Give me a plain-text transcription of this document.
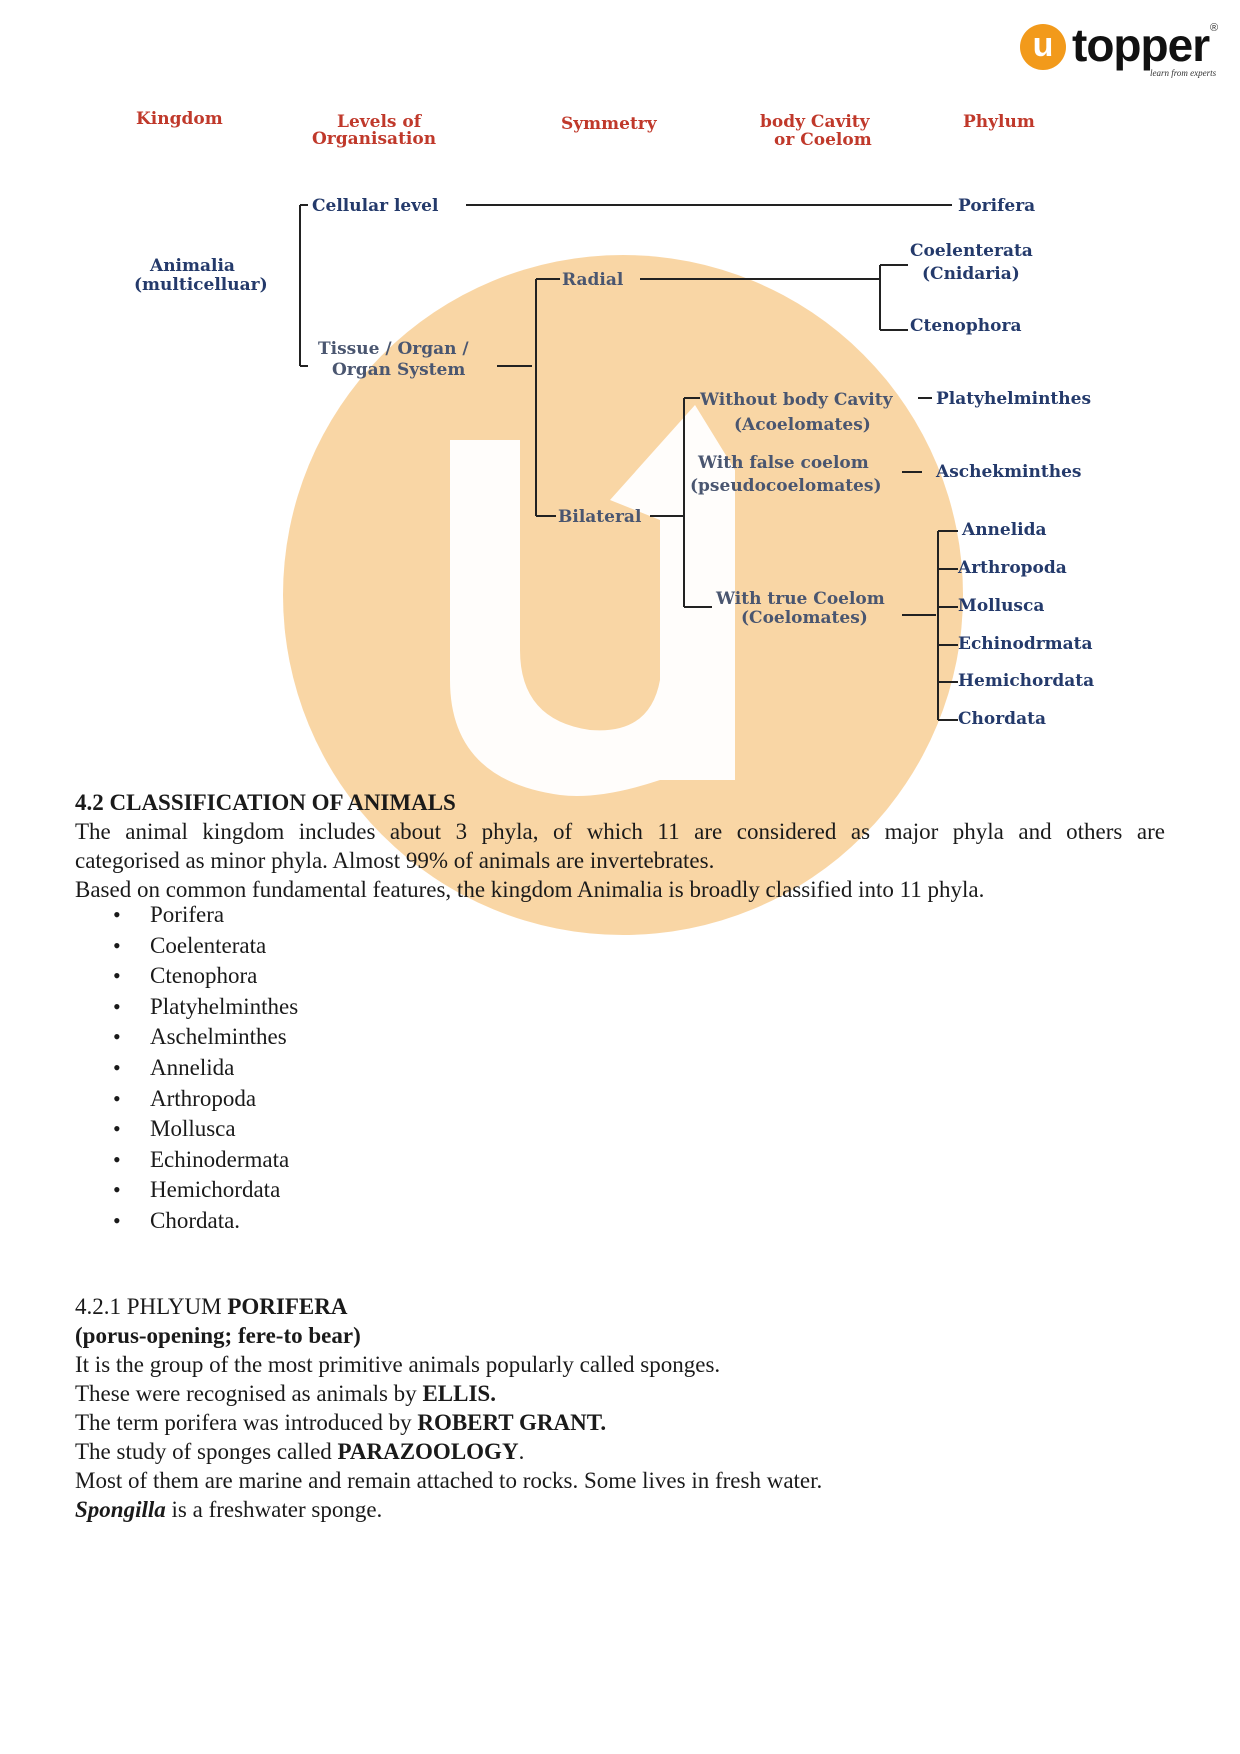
u topper
learn from experts
®
Kingdom	Levels of
Organisation
Symmetry	body Cavity
or Coelom
Phylum
Animalia
(multicelluar)
Cellular level
Tissue / Organ /
Organ System
Radial
Bilateral
Without body Cavity
(Acoelomates)
With false coelom
(pseudocoelomates)
With true Coelom
(Coelomates)
Porifera
Coelenterata
(Cnidaria)
Ctenophora
Platyhelminthes
Aschekminthes
Annelida
Arthropoda
Mollusca
Echinodrmata
Hemichordata
Chordata
4.2 CLASSIFICATION OF ANIMALS
The animal kingdom includes about 3 phyla, of which 11 are considered as major phyla and others are
categorised as minor phyla. Almost 99% of animals are invertebrates.
Based on common fundamental features, the kingdom Animalia is broadly classified into 11 phyla.
• Porifera
• Coelenterata
• Ctenophora
• Platyhelminthes
• Aschelminthes
• Annelida
• Arthropoda
• Mollusca
• Echinodermata
• Hemichordata
• Chordata.
4.2.1 PHLYUM PORIFERA
(porus-opening; fere-to bear)
It is the group of the most primitive animals popularly called sponges.
These were recognised as animals by ELLIS.
The term porifera was introduced by ROBERT GRANT.
The study of sponges called PARAZOOLOGY.
Most of them are marine and remain attached to rocks. Some lives in fresh water.
Spongilla is a freshwater sponge.
